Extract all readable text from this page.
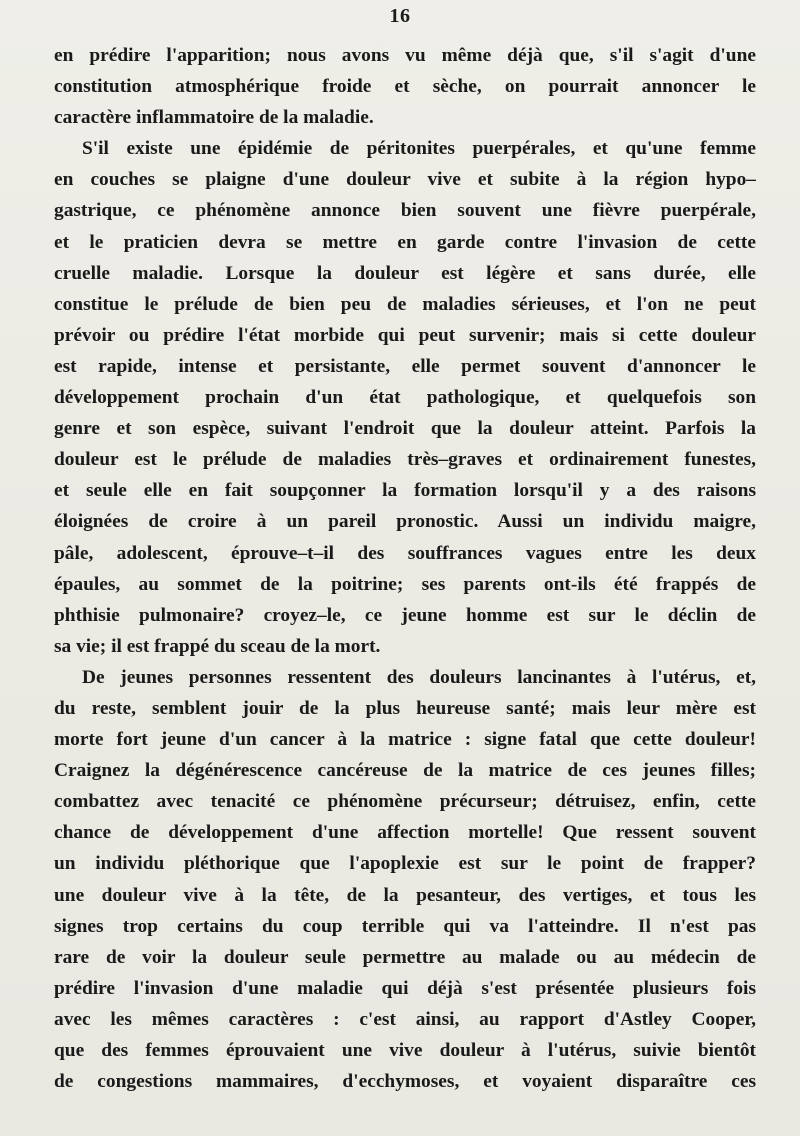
16
en prédire l'apparition; nous avons vu même déjà que, s'il s'agit d'une
constitution atmosphérique froide et sèche, on pourrait annoncer le
caractère inflammatoire de la maladie.
S'il existe une épidémie de péritonites puerpérales, et qu'une femme
en couches se plaigne d'une douleur vive et subite à la région hypo–
gastrique, ce phénomène annonce bien souvent une fièvre puerpérale,
et le praticien devra se mettre en garde contre l'invasion de cette
cruelle maladie. Lorsque la douleur est légère et sans durée, elle
constitue le prélude de bien peu de maladies sérieuses, et l'on ne peut
prévoir ou prédire l'état morbide qui peut survenir; mais si cette douleur
est rapide, intense et persistante, elle permet souvent d'annoncer le
développement prochain d'un état pathologique, et quelquefois son
genre et son espèce, suivant l'endroit que la douleur atteint. Parfois la
douleur est le prélude de maladies très–graves et ordinairement funestes,
et seule elle en fait soupçonner la formation lorsqu'il y a des raisons
éloignées de croire à un pareil pronostic. Aussi un individu maigre,
pâle, adolescent, éprouve–t–il des souffrances vagues entre les deux
épaules, au sommet de la poitrine; ses parents ont-ils été frappés de
phthisie pulmonaire? croyez–le, ce jeune homme est sur le déclin de
sa vie; il est frappé du sceau de la mort.
De jeunes personnes ressentent des douleurs lancinantes à l'utérus, et,
du reste, semblent jouir de la plus heureuse santé; mais leur mère est
morte fort jeune d'un cancer à la matrice : signe fatal que cette douleur!
Craignez la dégénérescence cancéreuse de la matrice de ces jeunes filles;
combattez avec tenacité ce phénomène précurseur; détruisez, enfin, cette
chance de développement d'une affection mortelle! Que ressent souvent
un individu pléthorique que l'apoplexie est sur le point de frapper?
une douleur vive à la tête, de la pesanteur, des vertiges, et tous les
signes trop certains du coup terrible qui va l'atteindre. Il n'est pas
rare de voir la douleur seule permettre au malade ou au médecin de
prédire l'invasion d'une maladie qui déjà s'est présentée plusieurs fois
avec les mêmes caractères : c'est ainsi, au rapport d'Astley Cooper,
que des femmes éprouvaient une vive douleur à l'utérus, suivie bientôt
de congestions mammaires, d'ecchymoses, et voyaient disparaître ces
